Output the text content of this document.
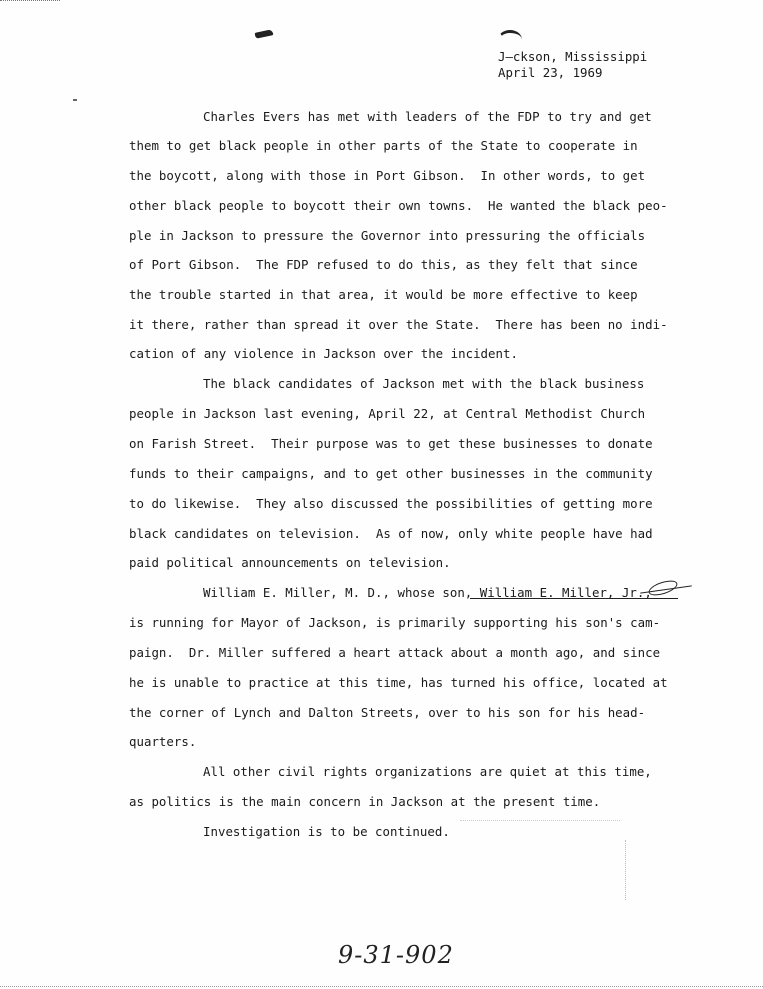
J—ckson, Mississippi
April 23, 1969
Charles Evers has met with leaders of the FDP to try and get
them to get black people in other parts of the State to cooperate in
the boycott, along with those in Port Gibson.  In other words, to get
other black people to boycott their own towns.  He wanted the black peo-
ple in Jackson to pressure the Governor into pressuring the officials
of Port Gibson.  The FDP refused to do this, as they felt that since
the trouble started in that area, it would be more effective to keep
it there, rather than spread it over the State.  There has been no indi-
cation of any violence in Jackson over the incident.
The black candidates of Jackson met with the black business
people in Jackson last evening, April 22, at Central Methodist Church
on Farish Street.  Their purpose was to get these businesses to donate
funds to their campaigns, and to get other businesses in the community
to do likewise.  They also discussed the possibilities of getting more
black candidates on television.  As of now, only white people have had
paid political announcements on television.
William E. Miller, M. D., whose son, William E. Miller, Jr.,
is running for Mayor of Jackson, is primarily supporting his son's cam-
paign.  Dr. Miller suffered a heart attack about a month ago, and since
he is unable to practice at this time, has turned his office, located at
the corner of Lynch and Dalton Streets, over to his son for his head-
quarters.
All other civil rights organizations are quiet at this time,
as politics is the main concern in Jackson at the present time.
Investigation is to be continued.
9-31-902
